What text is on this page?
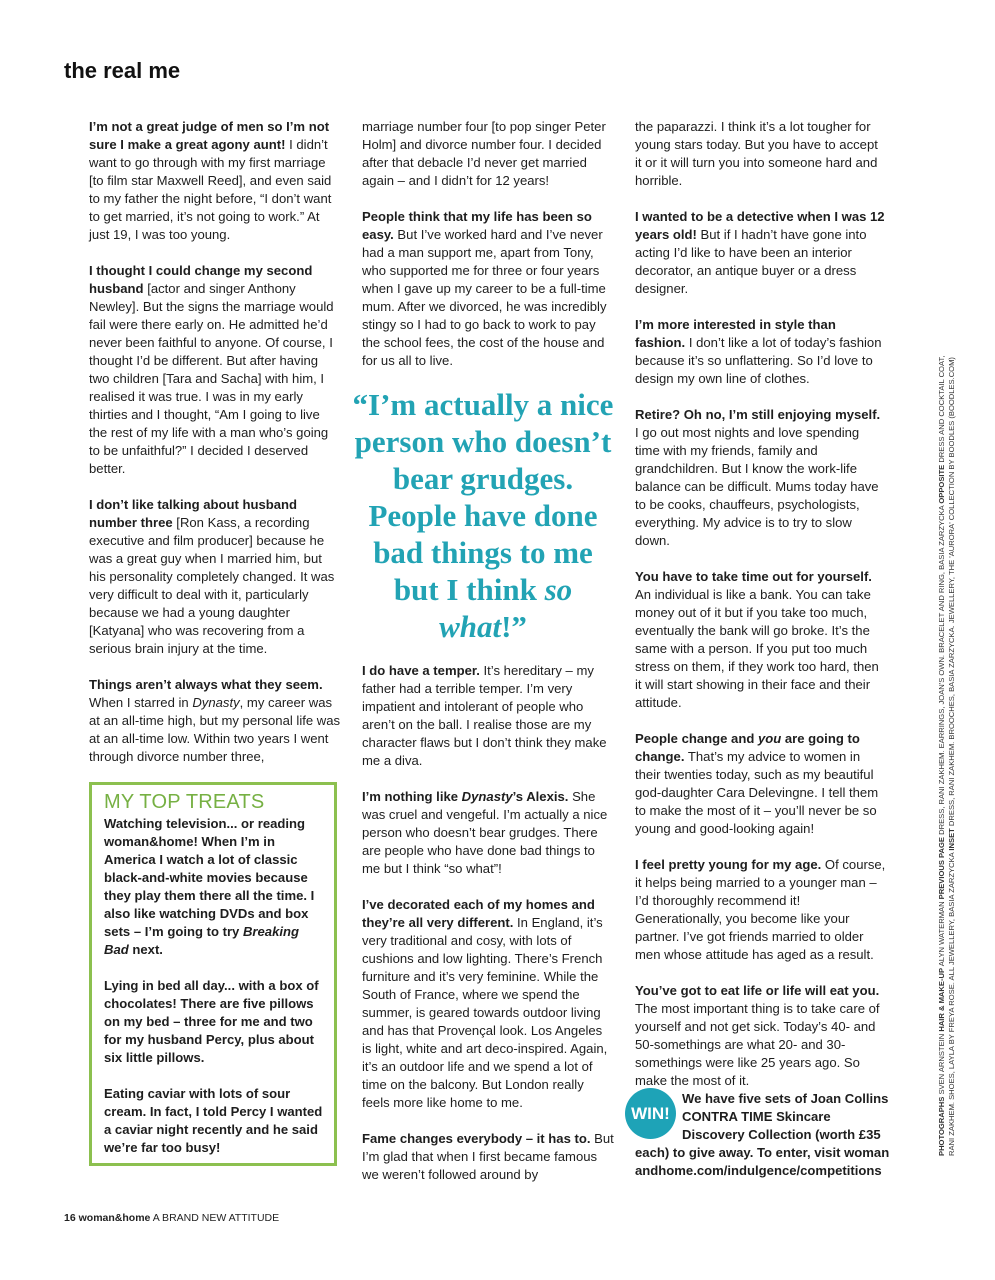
the real me

I’m not a great judge of men so I’m not sure I make a great agony aunt! I didn’t want to go through with my first marriage [to film star Maxwell Reed], and even said to my father the night before, “I don’t want to get married, it’s not going to work.” At just 19, I was too young.

I thought I could change my second husband [actor and singer Anthony Newley]. But the signs the marriage would fail were there early on. He admitted he’d never been faithful to anyone. Of course, I thought I’d be different. But after having two children [Tara and Sacha] with him, I realised it was true. I was in my early thirties and I thought, “Am I going to live the rest of my life with a man who’s going to be unfaithful?” I decided I deserved better.

I don’t like talking about husband number three [Ron Kass, a recording executive and film producer] because he was a great guy when I married him, but his personality completely changed. It was very difficult to deal with it, particularly because we had a young daughter [Katyana] who was recovering from a serious brain injury at the time.

Things aren’t always what they seem. When I starred in Dynasty, my career was at an all-time high, but my personal life was at an all-time low. Within two years I went through divorce number three,

MY TOP TREATS

Watching television... or reading woman&home! When I’m in America I watch a lot of classic black-and-white movies because they play them there all the time. I also like watching DVDs and box sets – I’m going to try Breaking Bad next.

Lying in bed all day... with a box of chocolates! There are five pillows on my bed – three for me and two for my husband Percy, plus about six little pillows.

Eating caviar with lots of sour cream. In fact, I told Percy I wanted a caviar night recently and he said we’re far too busy!

marriage number four [to pop singer Peter Holm] and divorce number four. I decided after that debacle I’d never get married again – and I didn’t for 12 years!

People think that my life has been so easy. But I’ve worked hard and I’ve never had a man support me, apart from Tony, who supported me for three or four years when I gave up my career to be a full-time mum. After we divorced, he was incredibly stingy so I had to go back to work to pay the school fees, the cost of the house and for us all to live.

I do have a temper. It’s hereditary – my father had a terrible temper. I’m very impatient and intolerant of people who aren’t on the ball. I realise those are my character flaws but I don’t think they make me a diva.

I’m nothing like Dynasty’s Alexis. She was cruel and vengeful. I’m actually a nice person who doesn’t bear grudges. There are people who have done bad things to me but I think “so what”!

I’ve decorated each of my homes and they’re all very different. In England, it’s very traditional and cosy, with lots of cushions and low lighting. There’s French furniture and it’s very feminine. While the South of France, where we spend the summer, is geared towards outdoor living and has that Provençal look. Los Angeles is light, white and art deco-inspired. Again, it’s an outdoor life and we spend a lot of time on the balcony. But London really feels more like home to me.

Fame changes everybody – it has to. But I’m glad that when I first became famous we weren’t followed around by

“I’m actually a nice person who doesn’t bear grudges. People have done bad things to me but I think so what!”

the paparazzi. I think it’s a lot tougher for young stars today. But you have to accept it or it will turn you into someone hard and horrible.

I wanted to be a detective when I was 12 years old! But if I hadn’t have gone into acting I’d like to have been an interior decorator, an antique buyer or a dress designer.

I’m more interested in style than fashion. I don’t like a lot of today’s fashion because it’s so unflattering. So I’d love to design my own line of clothes.

Retire? Oh no, I’m still enjoying myself. I go out most nights and love spending time with my friends, family and grandchildren. But I know the work-life balance can be difficult. Mums today have to be cooks, chauffeurs, psychologists, everything. My advice is to try to slow down.

You have to take time out for yourself. An individual is like a bank. You can take money out of it but if you take too much, eventually the bank will go broke. It’s the same with a person. If you put too much stress on them, if they work too hard, then it will start showing in their face and their attitude.

People change and you are going to change. That’s my advice to women in their twenties today, such as my beautiful god-daughter Cara Delevingne. I tell them to make the most of it – you’ll never be so young and good-looking again!

I feel pretty young for my age. Of course, it helps being married to a younger man – I’d thoroughly recommend it! Generationally, you become like your partner. I’ve got friends married to older men whose attitude has aged as a result.

You’ve got to eat life or life will eat you. The most important thing is to take care of yourself and not get sick. Today’s 40- and 50-somethings are what 20- and 30-somethings were like 25 years ago. So make the most of it.

WIN!
We have five sets of Joan Collins CONTRA TIME Skincare Discovery Collection (worth £35
each) to give away. To enter, visit woman andhome.com/indulgence/competitions
16 woman&home A BRAND NEW ATTITUDE
PHOTOGRAPHS SVEN ARNSTEIN HAIR & MAKE-UP ALYN WATERMAN PREVIOUS PAGE DRESS, RANI ZAKHEM. EARRINGS, JOAN'S OWN. BRACELET AND RING, BASIA ZARZYCKA OPPOSITE DRESS AND COCKTAIL COAT,
RANI ZAKHEM. SHOES, LAYLA BY FREYA ROSE. ALL JEWELLERY, BASIA ZARZYCKA INSET DRESS, RANI ZAKHEM. BROOCHES, BASIA ZARZYCKA. JEWELLERY, THE 'AURORA' COLLECTION BY BOODLES (BOODLES.COM)
